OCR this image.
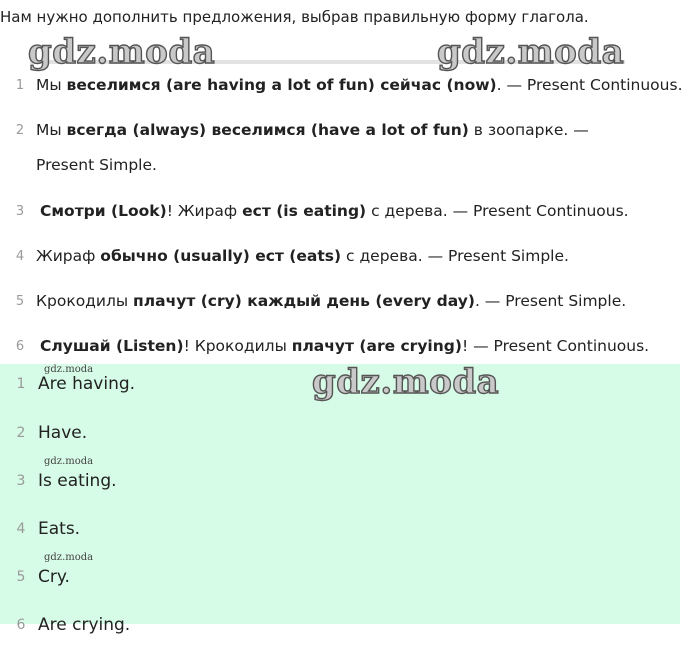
Нам нужно дополнить предложения, выбрав правильную форму глагола.
gdz.moda	gdz.moda
1 Мы веселимся (are having a lot of fun) сейчас (now). — Present Continuous.
2 Мы всегда (always) веселимся (have a lot of fun) в зоопарке. — Present Simple.
3 Смотри (Look)! Жираф ест (is eating) с дерева. — Present Continuous.
4 Жираф обычно (usually) ест (eats) с дерева. — Present Simple.
5 Крокодилы плачут (cry) каждый день (every day). — Present Simple.
6 Слушай (Listen)! Крокодилы плачут (are crying)! — Present Continuous.
gdz.moda	gdz.moda
1 Are having.
2 Have.
gdz.moda
3 Is eating.
4 Eats.
gdz.moda
5 Cry.
6 Are crying.
